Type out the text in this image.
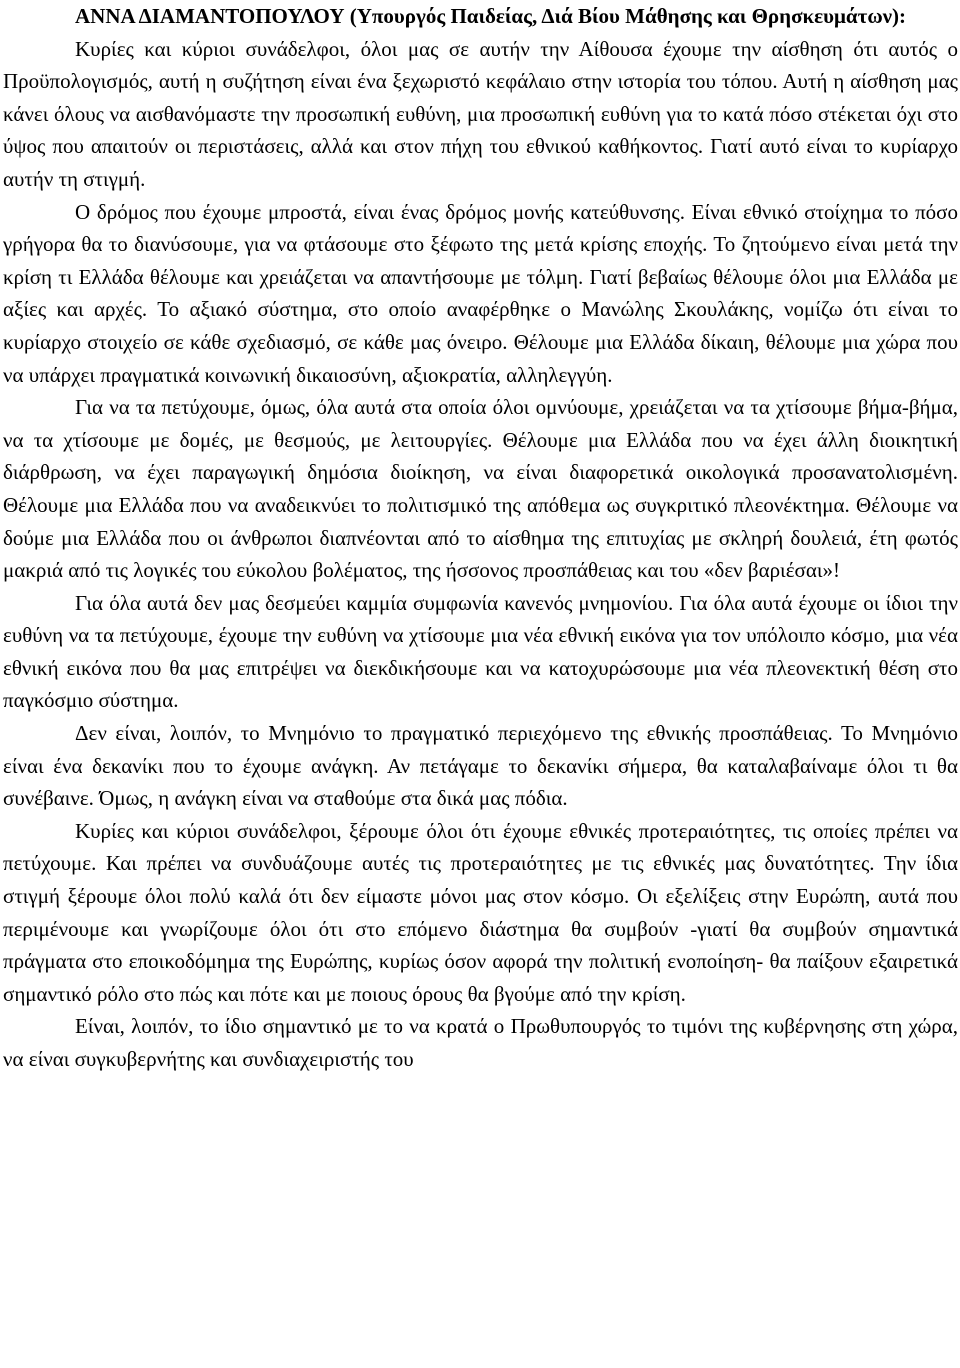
ΑΝΝΑ ΔΙΑΜΑΝΤΟΠΟΥΛΟΥ (Υπουργός Παιδείας, Διά Βίου Μάθησης και Θρησκευμάτων):

Κυρίες και κύριοι συνάδελφοι, όλοι μας σε αυτήν την Αίθουσα έχουμε την αίσθηση ότι αυτός ο Προϋπολογισμός, αυτή η συζήτηση είναι ένα ξεχωριστό κεφάλαιο στην ιστορία του τόπου. Αυτή η αίσθηση μας κάνει όλους να αισθανόμαστε την προσωπική ευθύνη, μια προσωπική ευθύνη για το κατά πόσο στέκεται όχι στο ύψος που απαιτούν οι περιστάσεις, αλλά και στον πήχη του εθνικού καθήκοντος. Γιατί αυτό είναι το κυρίαρχο αυτήν τη στιγμή.

Ο δρόμος που έχουμε μπροστά, είναι ένας δρόμος μονής κατεύθυνσης. Είναι εθνικό στοίχημα το πόσο γρήγορα θα το διανύσουμε, για να φτάσουμε στο ξέφωτο της μετά κρίσης εποχής. Το ζητούμενο είναι μετά την κρίση τι Ελλάδα θέλουμε και χρειάζεται να απαντήσουμε με τόλμη. Γιατί βεβαίως θέλουμε όλοι μια Ελλάδα με αξίες και αρχές. Το αξιακό σύστημα, στο οποίο αναφέρθηκε ο Μανώλης Σκουλάκης, νομίζω ότι είναι το κυρίαρχο στοιχείο σε κάθε σχεδιασμό, σε κάθε μας όνειρο. Θέλουμε μια Ελλάδα δίκαιη, θέλουμε μια χώρα που να υπάρχει πραγματικά κοινωνική δικαιοσύνη, αξιοκρατία, αλληλεγγύη.

Για να τα πετύχουμε, όμως, όλα αυτά στα οποία όλοι ομνύουμε, χρειάζεται να τα χτίσουμε βήμα-βήμα, να τα χτίσουμε με δομές, με θεσμούς, με λειτουργίες. Θέλουμε μια Ελλάδα που να έχει άλλη διοικητική διάρθρωση, να έχει παραγωγική δημόσια διοίκηση, να είναι διαφορετικά οικολογικά προσανατολισμένη. Θέλουμε μια Ελλάδα που να αναδεικνύει το πολιτισμικό της απόθεμα ως συγκριτικό πλεονέκτημα. Θέλουμε να δούμε μια Ελλάδα που οι άνθρωποι διαπνέονται από το αίσθημα της επιτυχίας με σκληρή δουλειά, έτη φωτός μακριά από τις λογικές του εύκολου βολέματος, της ήσσονος προσπάθειας και του «δεν βαριέσαι»!

Για όλα αυτά δεν μας δεσμεύει καμμία συμφωνία κανενός μνημονίου. Για όλα αυτά έχουμε οι ίδιοι την ευθύνη να τα πετύχουμε, έχουμε την ευθύνη να χτίσουμε μια νέα εθνική εικόνα για τον υπόλοιπο κόσμο, μια νέα εθνική εικόνα που θα μας επιτρέψει να διεκδικήσουμε και να κατοχυρώσουμε μια νέα πλεονεκτική θέση στο παγκόσμιο σύστημα.

Δεν είναι, λοιπόν, το Μνημόνιο το πραγματικό περιεχόμενο της εθνικής προσπάθειας. Το Μνημόνιο είναι ένα δεκανίκι που το έχουμε ανάγκη. Αν πετάγαμε το δεκανίκι σήμερα, θα καταλαβαίναμε όλοι τι θα συνέβαινε. Όμως, η ανάγκη είναι να σταθούμε στα δικά μας πόδια.

Κυρίες και κύριοι συνάδελφοι, ξέρουμε όλοι ότι έχουμε εθνικές προτεραιότητες, τις οποίες πρέπει να πετύχουμε. Και πρέπει να συνδυάζουμε αυτές τις προτεραιότητες με τις εθνικές μας δυνατότητες. Την ίδια στιγμή ξέρουμε όλοι πολύ καλά ότι δεν είμαστε μόνοι μας στον κόσμο. Οι εξελίξεις στην Ευρώπη, αυτά που περιμένουμε και γνωρίζουμε όλοι ότι στο επόμενο διάστημα θα συμβούν -γιατί θα συμβούν σημαντικά πράγματα στο εποικοδόμημα της Ευρώπης, κυρίως όσον αφορά την πολιτική ενοποίηση- θα παίξουν εξαιρετικά σημαντικό ρόλο στο πώς και πότε και με ποιους όρους θα βγούμε από την κρίση.

Είναι, λοιπόν, το ίδιο σημαντικό με το να κρατά ο Πρωθυπουργός το τιμόνι της κυβέρνησης στη χώρα, να είναι συγκυβερνήτης και συνδιαχειριστής του
